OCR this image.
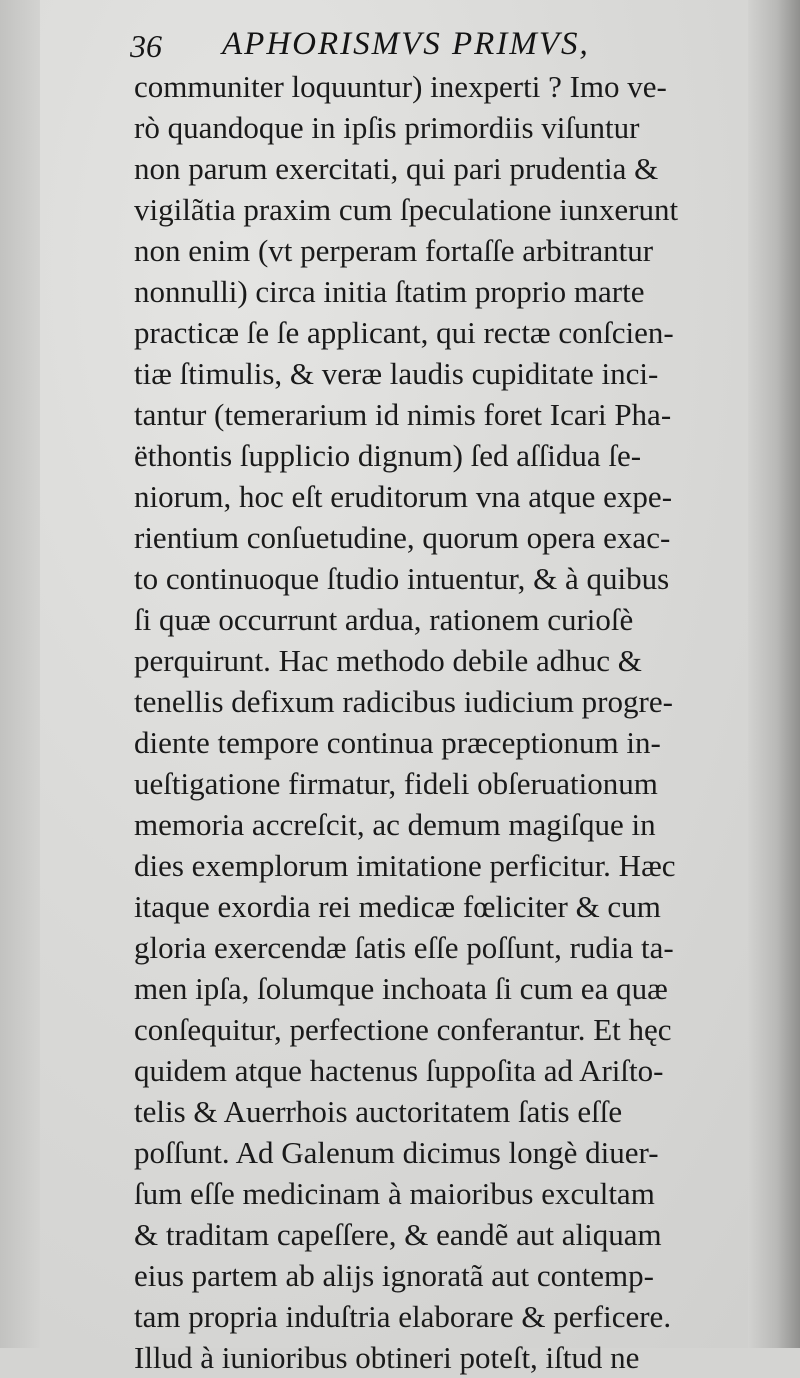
36 APHORISMVS PRIMVS,
communiter loquuntur) inexperti ? Imo ve-
rò quandoque in ipſis primordiis viſuntur
non parum exercitati, qui pari prudentia &
vigilãtia praxim cum ſpeculatione iunxerunt
non enim (vt perperam fortaſſe arbitrantur
nonnulli) circa initia ſtatim proprio marte
practicæ ſe ſe applicant, qui rectæ conſcien-
tiæ ſtimulis, & veræ laudis cupiditate inci-
tantur (temerarium id nimis foret Icari Pha-
ëthontis ſupplicio dignum) ſed aſſidua ſe-
niorum, hoc eſt eruditorum vna atque expe-
rientium conſuetudine, quorum opera exac-
to continuoque ſtudio intuentur, & à quibus
ſi quæ occurrunt ardua, rationem curioſè
perquirunt. Hac methodo debile adhuc &
tenellis defixum radicibus iudicium progre-
diente tempore continua præceptionum in-
ueſtigatione firmatur, fideli obſeruationum
memoria accreſcit, ac demum magiſque in
dies exemplorum imitatione perficitur. Hæc
itaque exordia rei medicæ fœliciter & cum
gloria exercendæ ſatis eſſe poſſunt, rudia ta-
men ipſa, ſolumque inchoata ſi cum ea quæ
conſequitur, perfectione conferantur. Et hęc
quidem atque hactenus ſuppoſita ad Ariſto-
telis & Auerrhois auctoritatem ſatis eſſe
poſſunt. Ad Galenum dicimus longè diuer-
ſum eſſe medicinam à maioribus excultam
& traditam capeſſere, & eandẽ aut aliquam
eius partem ab alijs ignoratã aut contemp-
tam propria induſtria elaborare & perficere.
Illud à iunioribus obtineri poteſt, iſtud ne
